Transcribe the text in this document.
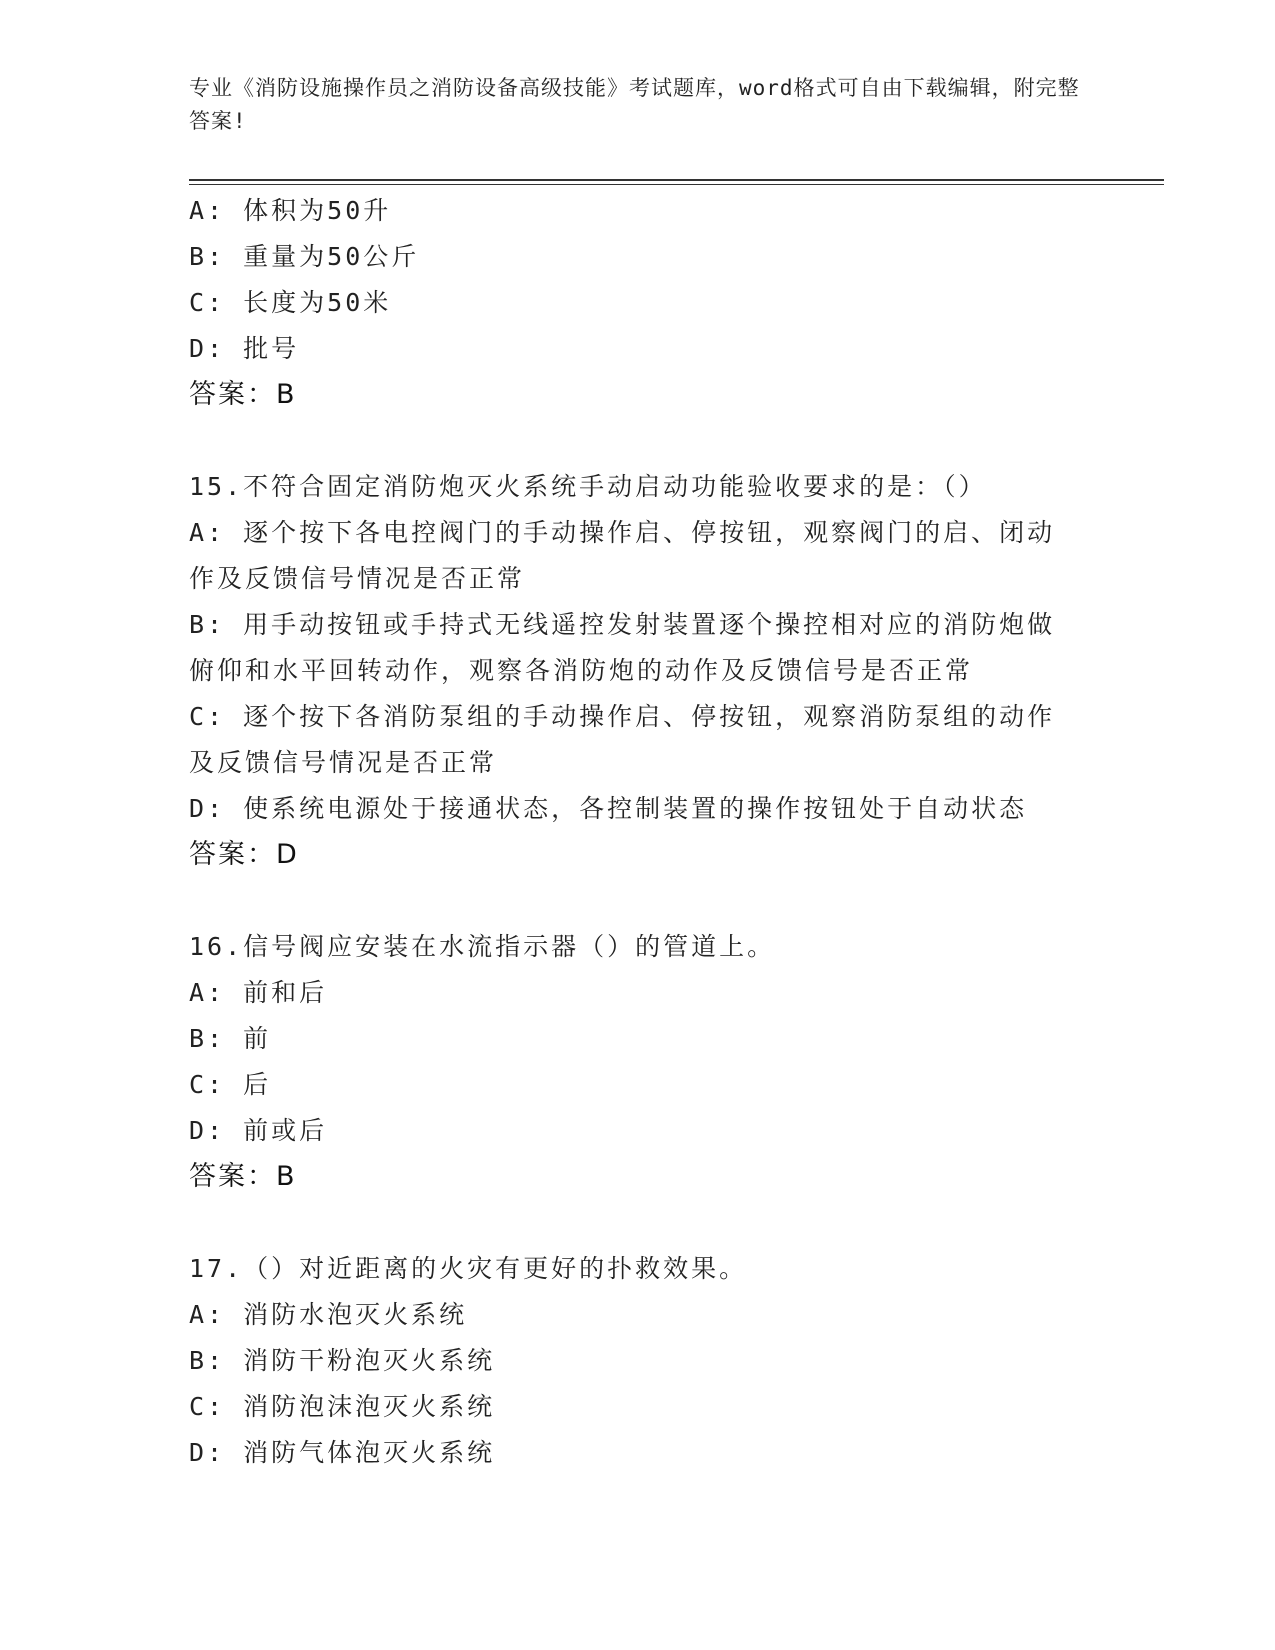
专业《消防设施操作员之消防设备高级技能》考试题库，word格式可自由下载编辑，附完整答案!
A: 体积为50升
B: 重量为50公斤
C: 长度为50米
D: 批号
答案：B
15.不符合固定消防炮灭火系统手动启动功能验收要求的是：（）
A: 逐个按下各电控阀门的手动操作启、停按钮，观察阀门的启、闭动
作及反馈信号情况是否正常
B: 用手动按钮或手持式无线遥控发射装置逐个操控相对应的消防炮做
俯仰和水平回转动作，观察各消防炮的动作及反馈信号是否正常
C: 逐个按下各消防泵组的手动操作启、停按钮，观察消防泵组的动作
及反馈信号情况是否正常
D: 使系统电源处于接通状态，各控制装置的操作按钮处于自动状态
答案：D
16.信号阀应安装在水流指示器（）的管道上。
A: 前和后
B: 前
C: 后
D: 前或后
答案：B
17.（）对近距离的火灾有更好的扑救效果。
A: 消防水泡灭火系统
B: 消防干粉泡灭火系统
C: 消防泡沫泡灭火系统
D: 消防气体泡灭火系统
